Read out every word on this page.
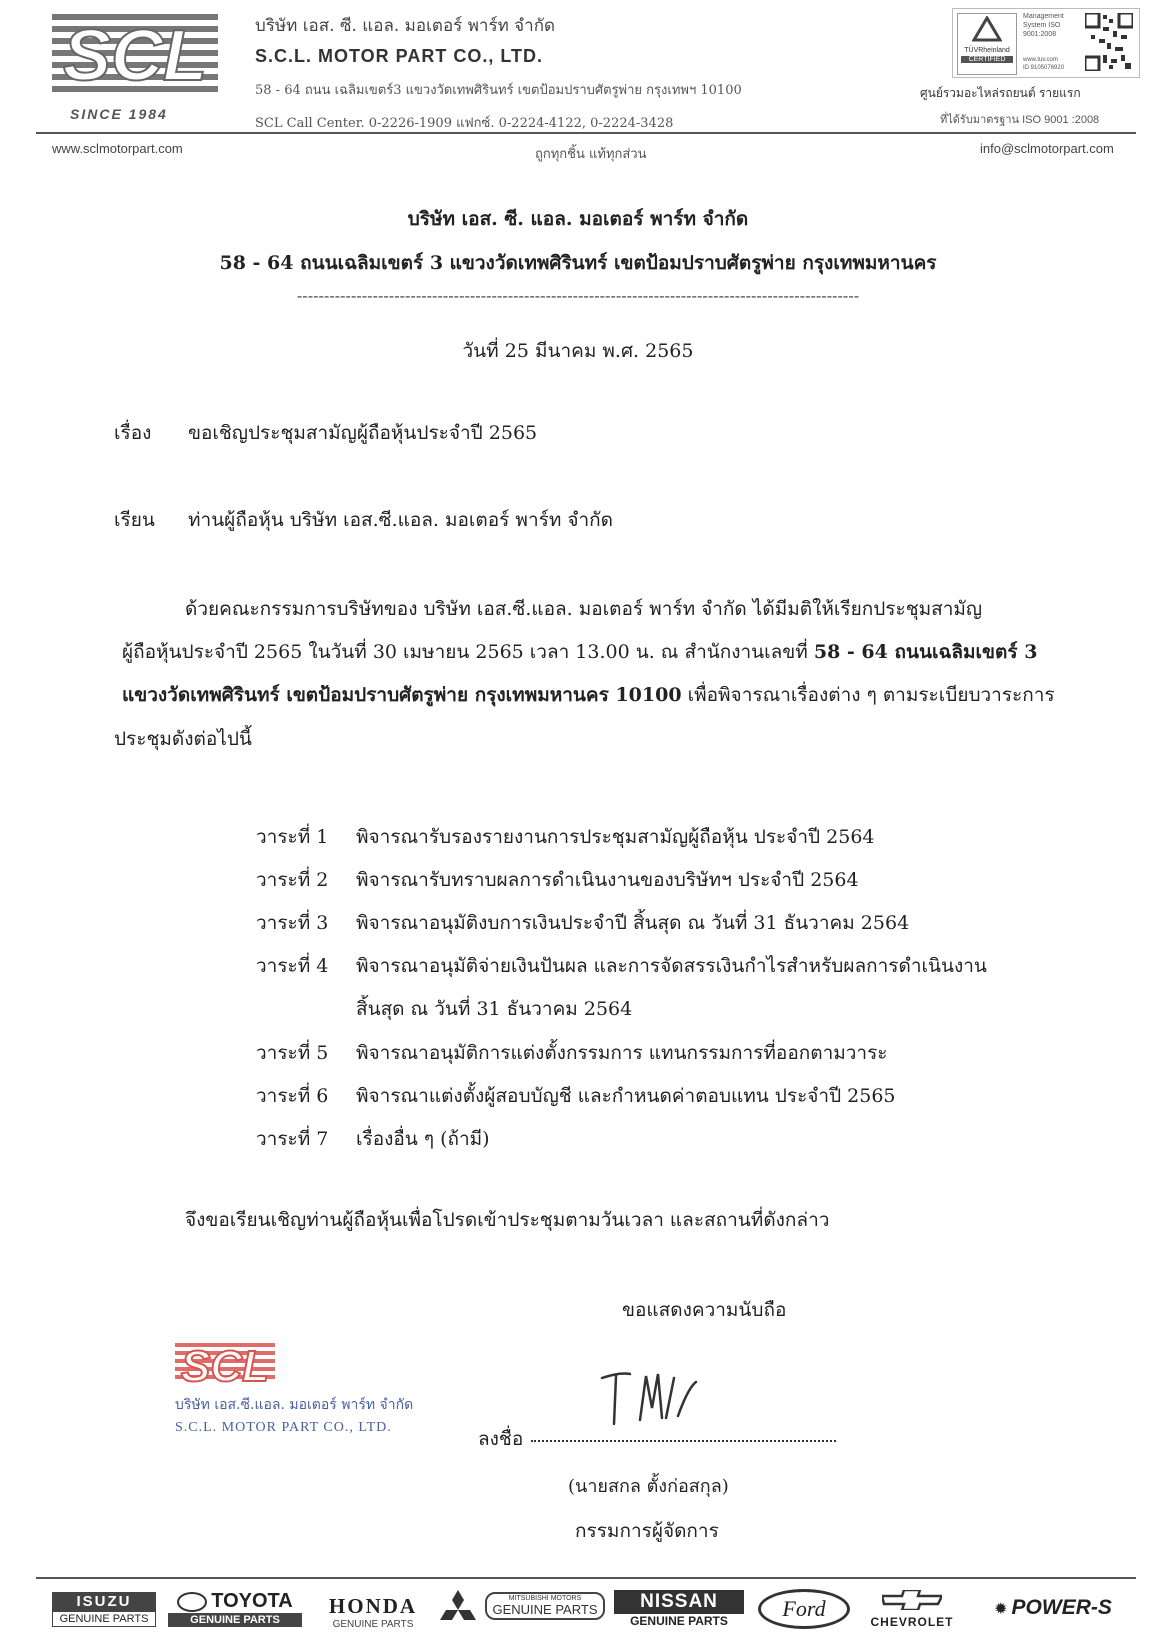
SCL
SINCE 1984
บริษัท เอส. ซี. แอล. มอเตอร์ พาร์ท จำกัด
S.C.L. MOTOR PART CO., LTD.
58 - 64 ถนน เฉลิมเขตร์3 แขวงวัดเทพศิรินทร์ เขตป้อมปราบศัตรูพ่าย กรุงเทพฯ 10100
SCL Call Center. 0-2226-1909 แฟกซ์. 0-2224-4122, 0-2224-3428
TÜVRheinland
CERTIFIED
Management System ISO 9001:2008
www.tuv.com
ID 9105076920
ศูนย์รวมอะไหล่รถยนต์ รายแรก
ที่ได้รับมาตรฐาน ISO 9001 :2008
www.sclmotorpart.com	ถูกทุกชิ้น แท้ทุกส่วน	info@sclmotorpart.com
บริษัท เอส. ซี. แอล. มอเตอร์ พาร์ท จำกัด
58 - 64 ถนนเฉลิมเขตร์ 3 แขวงวัดเทพศิรินทร์ เขตป้อมปราบศัตรูพ่าย กรุงเทพมหานคร
--------------------------------------------------------------------------------------------------------
วันที่ 25 มีนาคม พ.ศ. 2565
เรื่อง ขอเชิญประชุมสามัญผู้ถือหุ้นประจำปี 2565
เรียน ท่านผู้ถือหุ้น บริษัท เอส.ซี.แอล. มอเตอร์ พาร์ท จำกัด
ด้วยคณะกรรมการบริษัทของ บริษัท เอส.ซี.แอล. มอเตอร์ พาร์ท จำกัด ได้มีมติให้เรียกประชุมสามัญ
ผู้ถือหุ้นประจำปี 2565 ในวันที่ 30 เมษายน 2565 เวลา 13.00 น. ณ สำนักงานเลขที่ 58 - 64 ถนนเฉลิมเขตร์ 3
แขวงวัดเทพศิรินทร์ เขตป้อมปราบศัตรูพ่าย กรุงเทพมหานคร 10100 เพื่อพิจารณาเรื่องต่าง ๆ ตามระเบียบวาระการ
ประชุมดังต่อไปนี้
วาระที่ 1 พิจารณารับรองรายงานการประชุมสามัญผู้ถือหุ้น ประจำปี 2564
วาระที่ 2 พิจารณารับทราบผลการดำเนินงานของบริษัทฯ ประจำปี 2564
วาระที่ 3 พิจารณาอนุมัติงบการเงินประจำปี สิ้นสุด ณ วันที่ 31 ธันวาคม 2564
วาระที่ 4 พิจารณาอนุมัติจ่ายเงินปันผล และการจัดสรรเงินกำไรสำหรับผลการดำเนินงาน
สิ้นสุด ณ วันที่ 31 ธันวาคม 2564
วาระที่ 5 พิจารณาอนุมัติการแต่งตั้งกรรมการ แทนกรรมการที่ออกตามวาระ
วาระที่ 6 พิจารณาแต่งตั้งผู้สอบบัญชี และกำหนดค่าตอบแทน ประจำปี 2565
วาระที่ 7 เรื่องอื่น ๆ (ถ้ามี)
จึงขอเรียนเชิญท่านผู้ถือหุ้นเพื่อโปรดเข้าประชุมตามวันเวลา และสถานที่ดังกล่าว
ขอแสดงความนับถือ
SCL
บริษัท เอส.ซี.แอล. มอเตอร์ พาร์ท จำกัด
S.C.L. MOTOR PART CO., LTD.
ลงชื่อ
(นายสกล ตั้งก่อสกุล)
กรรมการผู้จัดการ
ISUZU
GENUINE PARTS
TOYOTA
GENUINE PARTS
HONDA
GENUINE PARTS
MITSUBISHI MOTORS
GENUINE PARTS	NISSAN
GENUINE PARTS	Ford
CHEVROLET
✹ POWER-S
